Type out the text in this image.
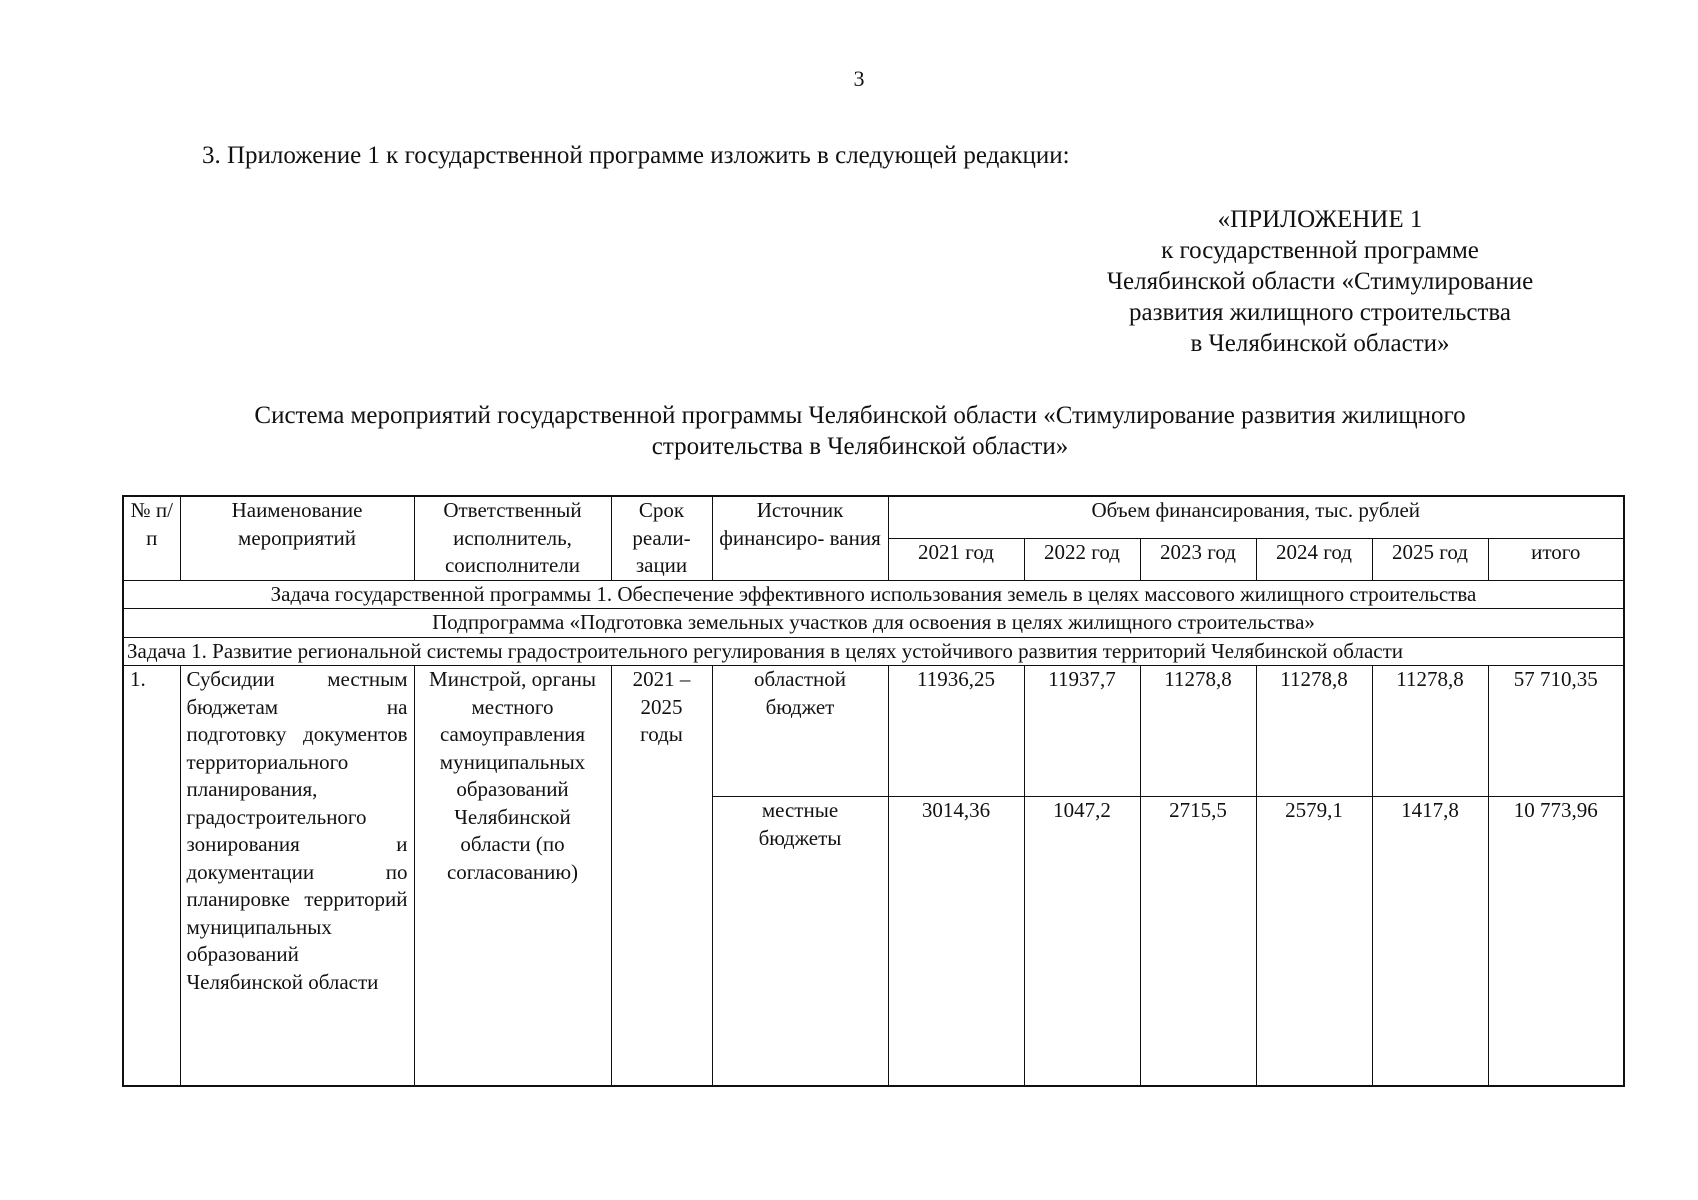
3
3. Приложение 1 к государственной программе изложить в следующей редакции:
«ПРИЛОЖЕНИЕ 1
к государственной программе
Челябинской области «Стимулирование
развития жилищного строительства
в Челябинской области»
Система мероприятий государственной программы Челябинской области «Стимулирование развития жилищного
строительства в Челябинской области»
№ п/п	Наименование мероприятий	Ответственный исполнитель, соисполнители	Срок реали- зации	Источник финансиро- вания	Объем финансирования, тыс. рублей					
					2021 год	2022 год	2023 год	2024 год	2025 год	итого
Задача государственной программы 1. Обеспечение эффективного использования земель в целях массового жилищного строительства										
Подпрограмма «Подготовка земельных участков для освоения в целях жилищного строительства»										
Задача 1. Развитие региональной системы градостроительного регулирования в целях устойчивого развития территорий Челябинской области										
1.	Субсидии местным бюджетам на подготовку документов территориального планирования, градостроительного зонирования и документации по планировке территорий муниципальных образований Челябинской области	Минстрой, органы местного самоуправления муниципальных образований Челябинской области (по согласованию)	2021 – 2025 годы	областной бюджет	11936,25	11937,7	11278,8	11278,8	11278,8	57 710,35
				местные бюджеты	3014,36	1047,2	2715,5	2579,1	1417,8	10 773,96
